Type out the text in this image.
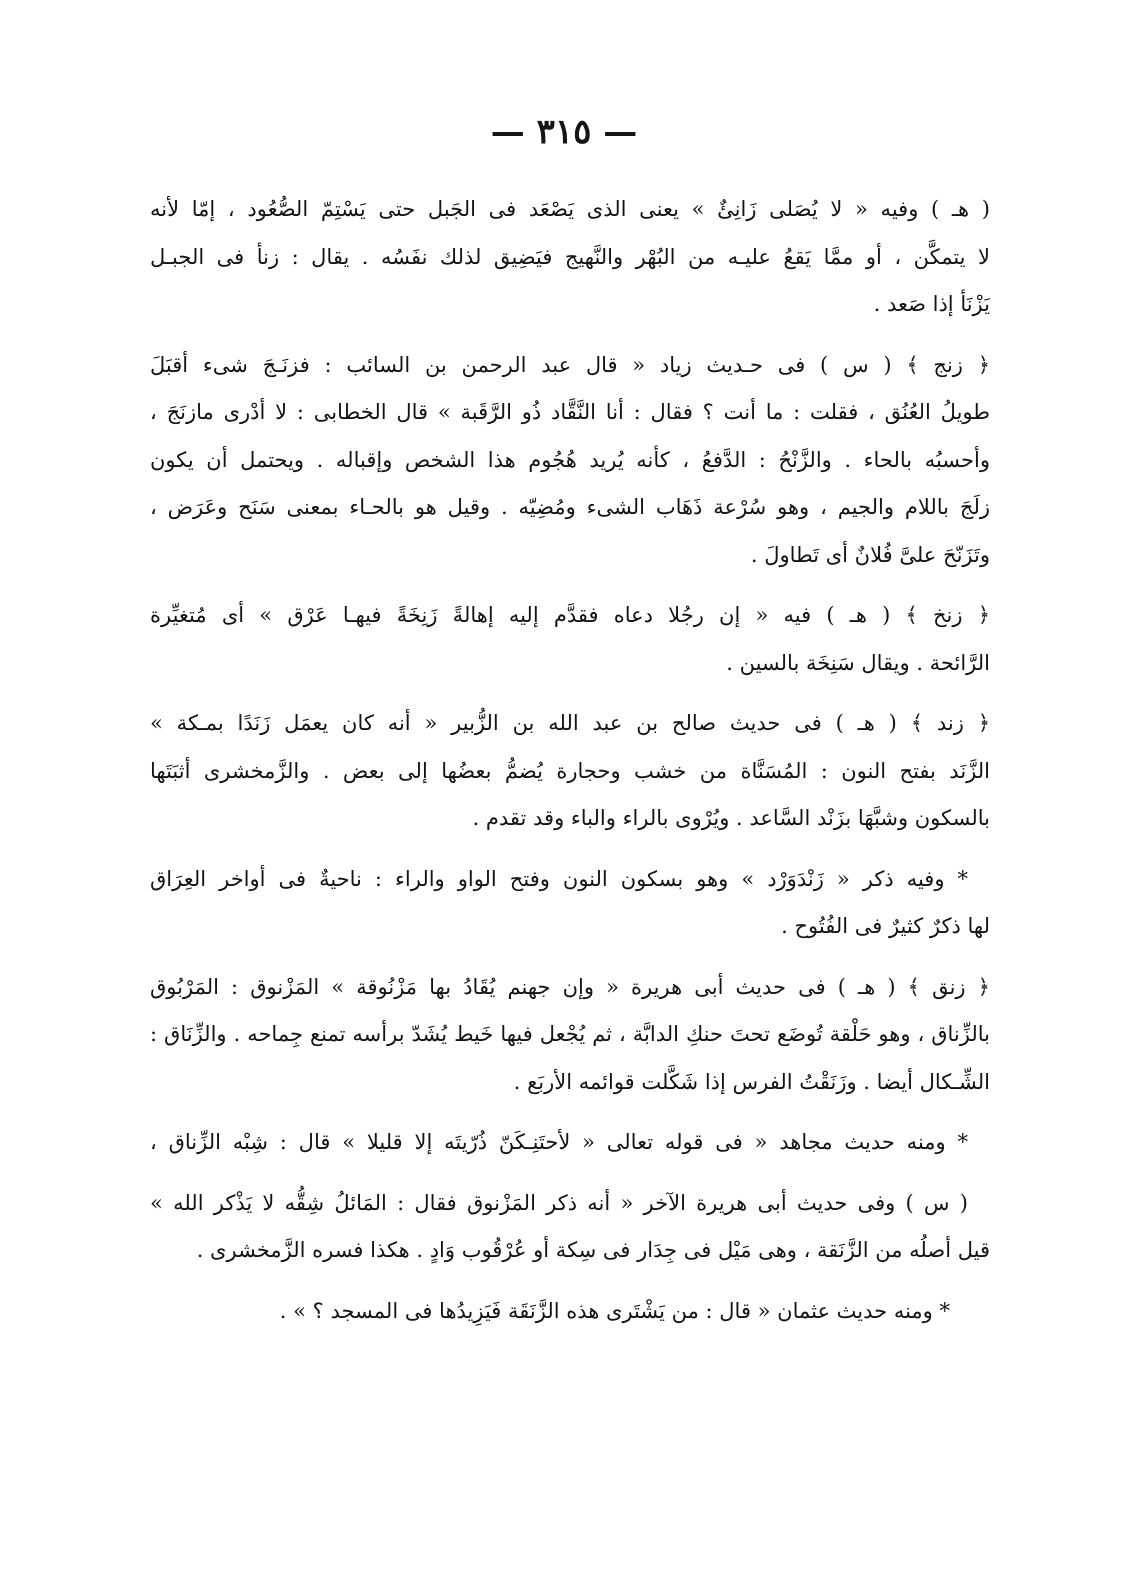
— ٣١٥ —
( هـ ) وفيه « لا يُصَلى زَانِئٌ » يعنى الذى يَصْعَد فى الجَبل حتى يَسْتِمّ الصُّعُود ، إمّا لأنه
لا يتمكَّن ، أو ممَّا يَقعُ عليـه من البُهْر والنَّهيج فيَضِيق لذلك نفَسُه . يقال : زنأ فى الجبـل
يَزْنَأ إذا صَعد .
﴿ زنج ﴾ ( س ) فى حـديث زياد « قال عبد الرحمن بن السائب : فزنَـجَ شىء أقبَلَ
طويلُ العُنُق ، فقلت : ما أنت ؟ فقال : أنا النَّقَّاد ذُو الرَّقَبة » قال الخطابى : لا أدْرى مازنَجَ ،
وأحسبُه بالحاء . والزَّنْحُ : الدَّفعُ ، كأنه يُريد هُجُوم هذا الشخص وإقباله . ويحتمل أن يكون
زلَجَ باللام والجيم ، وهو سُرْعة ذَهَاب الشىء ومُضِيّه . وقيل هو بالحـاء بمعنى سَنَح وعَرَض ،
وتَزَنّحَ علىَّ فُلانٌ أى تَطاولَ .
﴿ زنخ ﴾ ( هـ ) فيه « إن رجُلا دعاه فقدَّم إليه إهالةً زَنِخَةً فيهـا عَرْق » أى مُتغيِّرة
الرَّائحة . ويقال سَنِخَة بالسين .
﴿ زند ﴾ ( هـ ) فى حديث صالح بن عبد الله بن الزُّبير « أنه كان يعمَل زَنَدًا بمـكة »
الزَّنَد بفتح النون : المُسَنَّاة من خشب وحجارة يُضمُّ بعضُها إلى بعض . والزَّمخشرى أثبَتَها
بالسكون وشبَّهَا بزَنْد السَّاعد . ويُرْوى بالراء والباء وقد تقدم .
* وفيه ذكر « زَنْدَوَرْد » وهو بسكون النون وفتح الواو والراء : ناحيةٌ فى أواخر العِرَاق
لها ذكرٌ كثيرٌ فى الفُتُوح .
﴿ زنق ﴾ ( هـ ) فى حديث أبى هريرة « وإن جهنم يُقَادُ بها مَزْنُوقة » المَزْنوق : المَرْبُوق
بالزِّناق ، وهو حَلْقة تُوضَع تحتَ حنكِ الدابَّة ، ثم يُجْعل فيها خَيط يُشَدّ برأسه تمنع جِماحه . والزِّنَاق :
الشِّـكال أيضا . وزَنَقْتُ الفرس إذا شَكَّلت قوائمه الأربَع .
* ومنه حديث مجاهد « فى قوله تعالى « لأحتَنِـكَنّ ذُرّيتَه إلا قليلا » قال : شِبْه الزِّناق ،
( س ) وفى حديث أبى هريرة الآخر « أنه ذكر المَزْنوق فقال : المَائلُ شِقُّه لا يَذْكر الله »
قيل أصلُه من الزَّنَقة ، وهى مَيْل فى جِدَار فى سِكة أو عُرْقُوب وَادٍ . هكذا فسره الزَّمخشرى .
* ومنه حديث عثمان « قال : من يَشْتَرى هذه الزَّنَقَة فَيَزِيدُها فى المسجد ؟ » .
